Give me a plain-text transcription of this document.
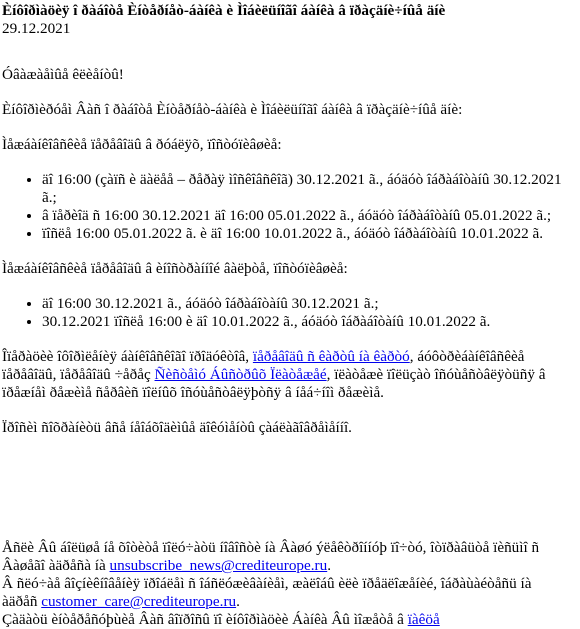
Èíôîðìàöèÿ î ðàáîòå Èíòåðíåò-áàíêà è Ìîáèëüíîãî áàíêà â ïðàçäíè÷íûå äíè
29.12.2021

Óâàæàåìûå êëèåíòû!

Èíôîðìèðóåì Âàñ î ðàáîòå Èíòåðíåò-áàíêà è Ìîáèëüíîãî áàíêà â ïðàçäíè÷íûå äíè:

Ìåæáàíêîâñêèå ïåðåâîäû â ðóáëÿõ, ïîñòóïèâøèå:

• äî 16:00 (çàïñ è äàëåå – ðåðàÿ ìîñêîâñêîã) 30.12.2021 ã., áóäóò îáðàáîòàíû 30.12.2021 ã.;
• â ïåðèîä ñ 16:00 30.12.2021 äî 16:00 05.01.2022 ã., áóäóò îáðàáîòàíû 05.01.2022 ã.;
• ïîñëå 16:00 05.01.2022 ã. è äî 16:00 10.01.2022 ã., áóäóò îáðàáîòàíû 10.01.2022 ã.

Ìåæáàíêîâñêèå ïåðåâîäû â èíîñòðàííîé âàëþòå, ïîñòóïèâøèå:

• äî 16:00 30.12.2021 ã., áóäóò îáðàáîòàíû 30.12.2021 ã.;
• 30.12.2021 ïîñëå 16:00 è äî 10.01.2022 ã., áóäóò îáðàáîòàíû 10.01.2022 ã.

Îïåðàöèè îôîðìëåíèÿ áàíêîâñêîãî ïðîäóêòîâ, ïåðåâîäû ñ êàðòû íà êàðòó, áóôòðèáàíêîâñêèå ïåðåâîäû, ïåðåâîäû ÷åðåç Ñèñòåìó Áûñòðûõ Ïëàòåæåé, ïëàòåæè ïîëüçàò îñóùåñòâëÿòüñÿ â ïðåæíåì ðåæèìå ñåðâèñ ïîëíûõ îñóùåñòâëÿþòñÿ â íåá÷íîì ðåæèìå.

Ïðîñèì ñîõðàíèòü âñå íåîáõîäèìûå äîêóìåíòû çàáëàãîâðåìåííî.

Åñëè Âû áîëüøå íå õîòèòå ïîëó÷àòü íîâîñòè íà Âàøó ýëåêòðîííóþ ïî÷òó, îòïðàâüòå ïèñüìî ñ Âàøåãî àäðåñà íà unsubscribe_news@crediteurope.ru.

Â ñëó÷àå âîçíèêíîâåíèÿ ïðîáëåì ñ îáñëóæèâàíèåì, æàëîáû èëè ïðåäëîæåíèé, îáðàùàéòåñü íà àäðåñ customer_care@crediteurope.ru.

Çàäàòü èíòåðåñóþùèå Âàñ âîïðîñû ïî èíôîðìàöèè Áàíêà Âû ìîæåòå â ïàêöå
